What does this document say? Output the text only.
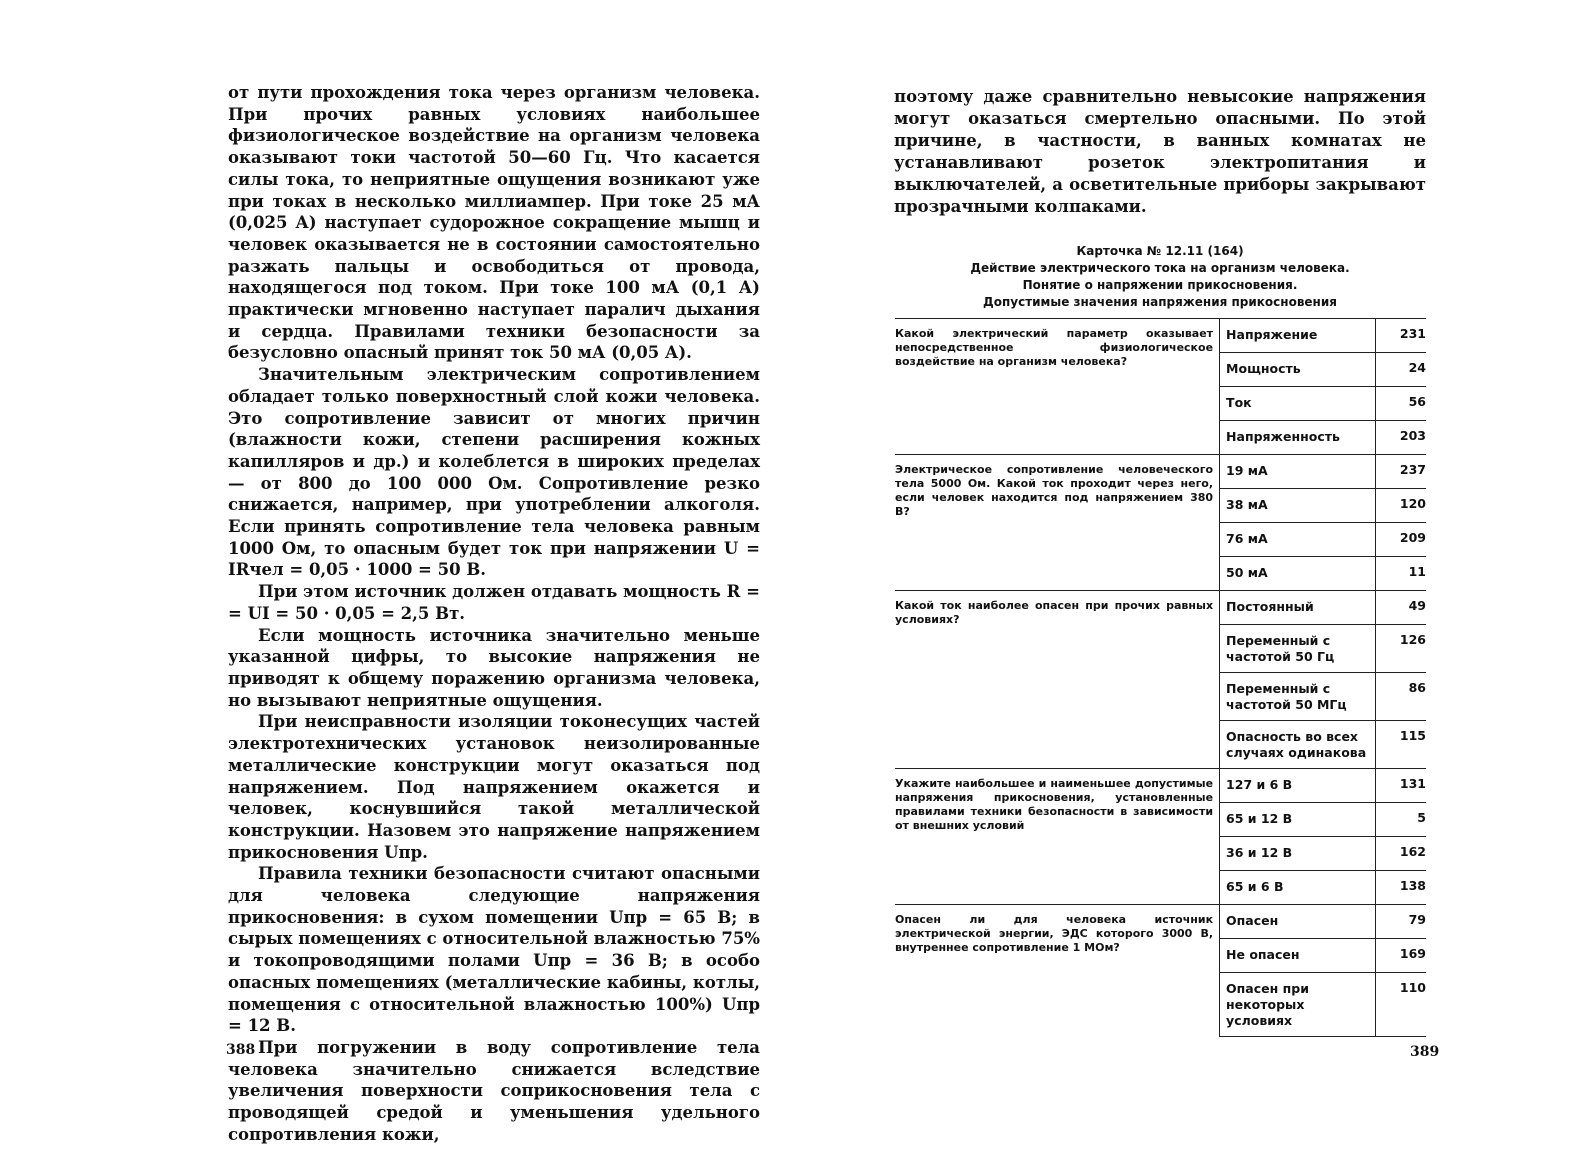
от пути прохождения тока через организм человека. При прочих равных условиях наибольшее физиологическое воздействие на организм человека оказывают токи частотой 50—60 Гц. Что касается силы тока, то неприятные ощущения возникают уже при токах в несколько миллиампер. При токе 25 мА (0,025 А) наступает судорожное сокращение мышц и человек оказывается не в состоянии самостоятельно разжать пальцы и освободиться от провода, находящегося под током. При токе 100 мА (0,1 А) практически мгновенно наступает паралич дыхания и сердца. Правилами техники безопасности за безусловно опасный принят ток 50 мА (0,05 А).

Значительным электрическим сопротивлением обладает только поверхностный слой кожи человека. Это сопротивление зависит от многих причин (влажности кожи, степени расширения кожных капилляров и др.) и колеблется в широких пределах — от 800 до 100 000 Ом. Сопротивление резко снижается, например, при употреблении алкоголя. Если принять сопротивление тела человека равным 1000 Ом, то опасным будет ток при напряжении U = IRчел = 0,05 · 1000 = 50 В.

При этом источник должен отдавать мощность R = = UI = 50 · 0,05 = 2,5 Вт.

Если мощность источника значительно меньше указанной цифры, то высокие напряжения не приводят к общему поражению организма человека, но вызывают неприятные ощущения.

При неисправности изоляции токонесущих частей электротехнических установок неизолированные металлические конструкции могут оказаться под напряжением. Под напряжением окажется и человек, коснувшийся такой металлической конструкции. Назовем это напряжение напряжением прикосновения Uпр.

Правила техники безопасности считают опасными для человека следующие напряжения прикосновения: в сухом помещении Uпр = 65 В; в сырых помещениях с относительной влажностью 75% и токопроводящими полами Uпр = 36 В; в особо опасных помещениях (металлические кабины, котлы, помещения с относительной влажностью 100%) Uпр = 12 В.

При погружении в воду сопротивление тела человека значительно снижается вследствие увеличения поверхности соприкосновения тела с проводящей средой и уменьшения удельного сопротивления кожи,

388

поэтому даже сравнительно невысокие напряжения могут оказаться смертельно опасными. По этой причине, в частности, в ванных комнатах не устанавливают розеток электропитания и выключателей, а осветительные приборы закрывают прозрачными колпаками.

Карточка № 12.11 (164)
Действие электрического тока на организм человека.
Понятие о напряжении прикосновения.
Допустимые значения напряжения прикосновения
Какой электрический параметр оказывает непосредственное физиологическое воздействие на организм человека?	Напряжение	231
	Мощность	24
	Ток	56
	Напряженность	203
Электрическое сопротивление человеческого тела 5000 Ом. Какой ток проходит через него, если человек находится под напряжением 380 В?	19 мА	237
	38 мА	120
	76 мА	209
	50 мА	11
Какой ток наиболее опасен при прочих равных условиях?	Постоянный	49
	Переменный с частотой 50 Гц	126
	Переменный с частотой 50 МГц	86
	Опасность во всех случаях одинакова	115
Укажите наибольшее и наименьшее допустимые напряжения прикосновения, установленные правилами техники безопасности в зависимости от внешних условий	127 и 6 В	131
	65 и 12 В	5
	36 и 12 В	162
	65 и 6 В	138
Опасен ли для человека источник электрической энергии, ЭДС которого 3000 В, внутреннее сопротивление 1 МОм?	Опасен	79
	Не опасен	169
	Опасен при некоторых условиях	110
389
